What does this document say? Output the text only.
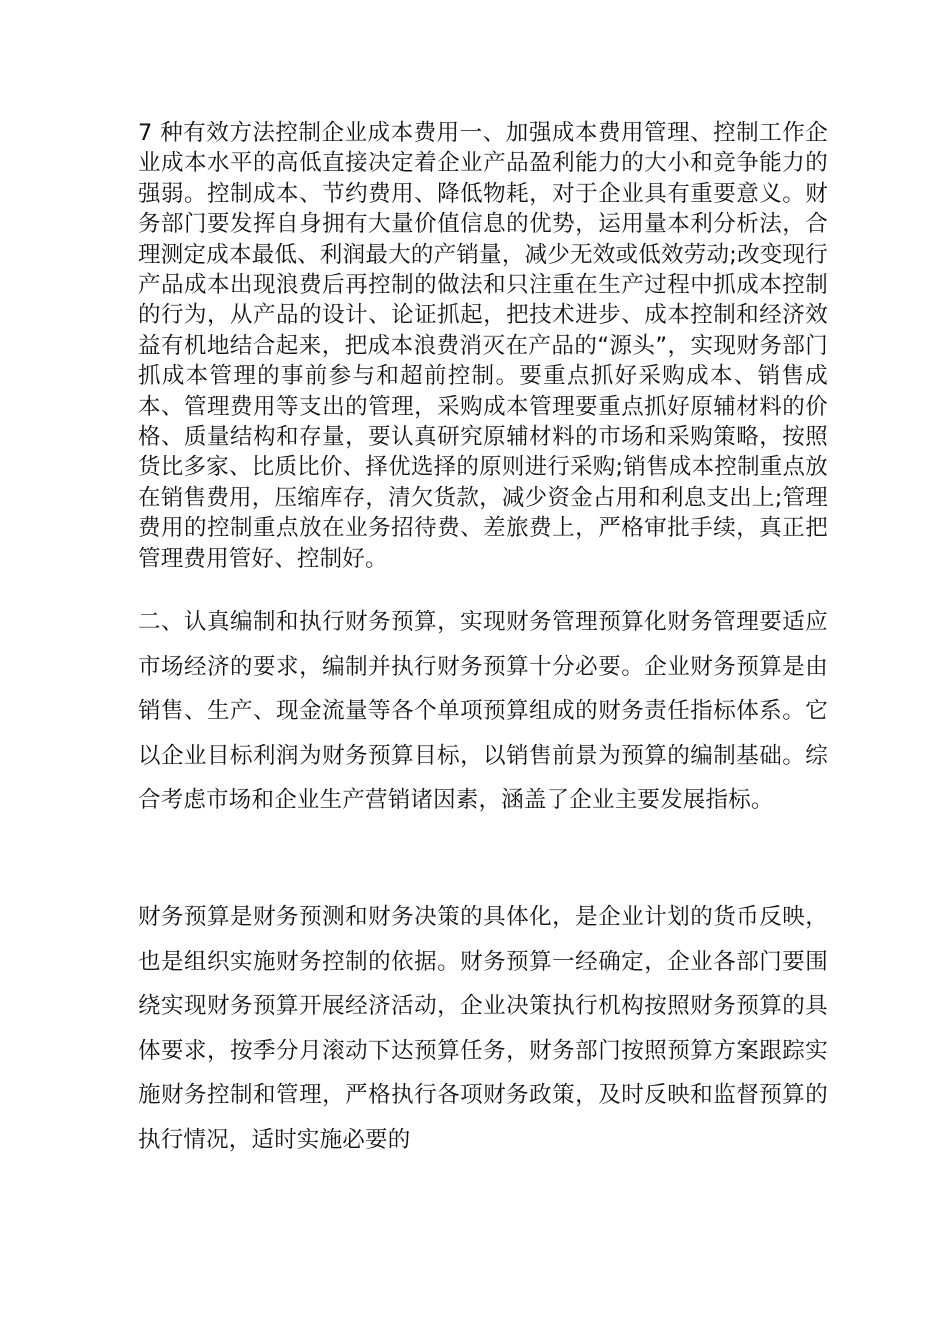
7 种有效方法控制企业成本费用一、加强成本费用管理、控制工作企业成本水平的高低直接决定着企业产品盈利能力的大小和竞争能力的强弱。控制成本、节约费用、降低物耗，对于企业具有重要意义。财务部门要发挥自身拥有大量价值信息的优势，运用量本利分析法，合理测定成本最低、利润最大的产销量，减少无效或低效劳动;改变现行产品成本出现浪费后再控制的做法和只注重在生产过程中抓成本控制的行为，从产品的设计、论证抓起，把技术进步、成本控制和经济效益有机地结合起来，把成本浪费消灭在产品的“源头”，实现财务部门抓成本管理的事前参与和超前控制。要重点抓好采购成本、销售成本、管理费用等支出的管理，采购成本管理要重点抓好原辅材料的价格、质量结构和存量，要认真研究原辅材料的市场和采购策略，按照货比多家、比质比价、择优选择的原则进行采购;销售成本控制重点放在销售费用，压缩库存，清欠货款，减少资金占用和利息支出上;管理费用的控制重点放在业务招待费、差旅费上，严格审批手续，真正把管理费用管好、控制好。

二、认真编制和执行财务预算，实现财务管理预算化财务管理要适应市场经济的要求，编制并执行财务预算十分必要。企业财务预算是由销售、生产、现金流量等各个单项预算组成的财务责任指标体系。它以企业目标利润为财务预算目标，以销售前景为预算的编制基础。综合考虑市场和企业生产营销诸因素，涵盖了企业主要发展指标。

财务预算是财务预测和财务决策的具体化，是企业计划的货币反映，也是组织实施财务控制的依据。财务预算一经确定，企业各部门要围绕实现财务预算开展经济活动，企业决策执行机构按照财务预算的具体要求，按季分月滚动下达预算任务，财务部门按照预算方案跟踪实施财务控制和管理，严格执行各项财务政策，及时反映和监督预算的执行情况，适时实施必要的
